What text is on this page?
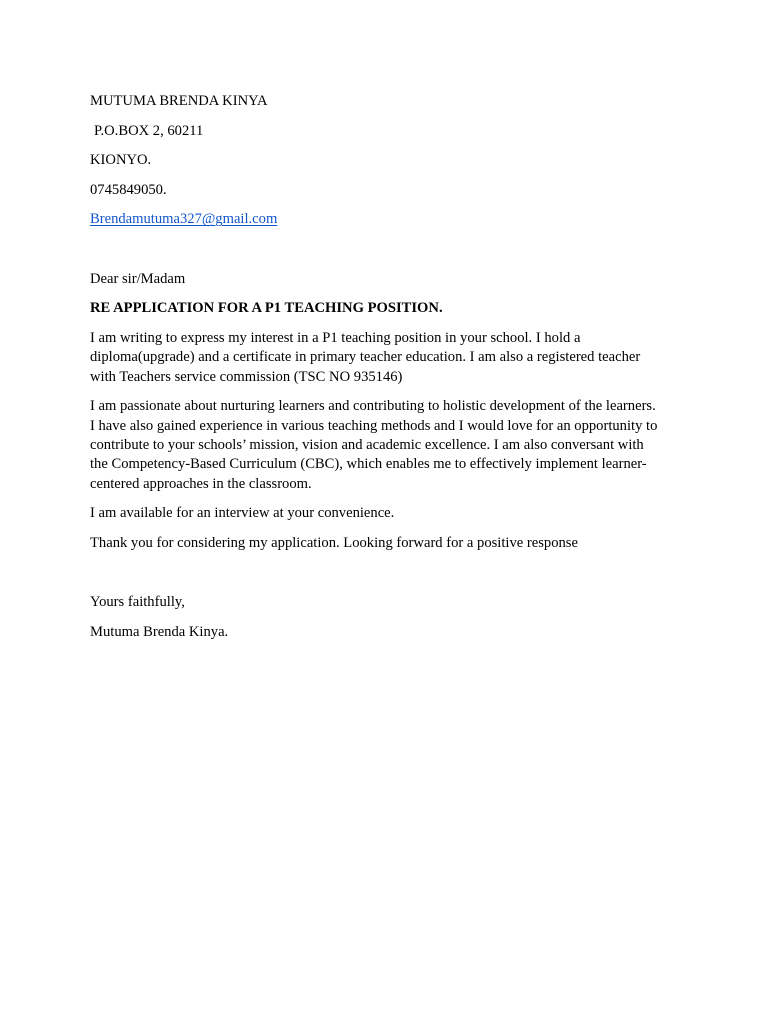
MUTUMA BRENDA KINYA
P.O.BOX 2, 60211
KIONYO.
0745849050.
Brendamutuma327@gmail.com
Dear sir/Madam
RE APPLICATION FOR A P1 TEACHING POSITION.
I am writing to express my interest in a P1 teaching position in your school. I hold a
diploma(upgrade) and a certificate in primary teacher education. I am also a registered teacher
with Teachers service commission (TSC NO 935146)
I am passionate about nurturing learners and contributing to holistic development of the learners.
I have also gained experience in various teaching methods and I would love for an opportunity to
contribute to your schools’ mission, vision and academic excellence. I am also conversant with
the Competency-Based Curriculum (CBC), which enables me to effectively implement learner-
centered approaches in the classroom.
I am available for an interview at your convenience.
Thank you for considering my application. Looking forward for a positive response
Yours faithfully,
Mutuma Brenda Kinya.
